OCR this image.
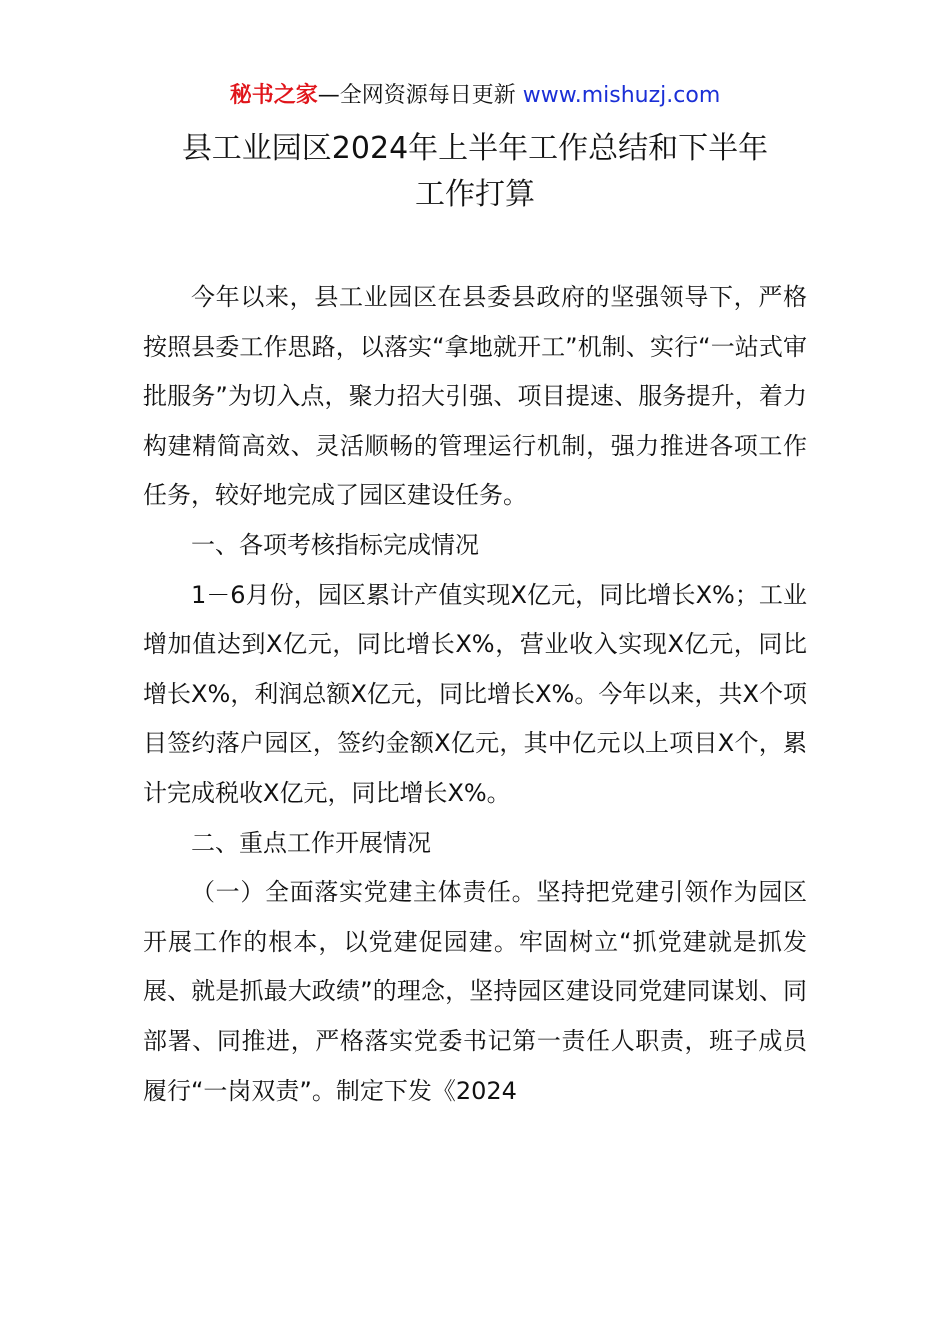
秘书之家—全网资源每日更新 www.mishuzj.com
县工业园区2024年上半年工作总结和下半年
工作打算

今年以来，县工业园区在县委县政府的坚强领导下，严格按照县委工作思路，以落实“拿地就开工”机制、实行“一站式审批服务”为切入点，聚力招大引强、项目提速、服务提升，着力构建精简高效、灵活顺畅的管理运行机制，强力推进各项工作任务，较好地完成了园区建设任务。

一、各项考核指标完成情况

1－6月份，园区累计产值实现X亿元，同比增长X%；工业增加值达到X亿元，同比增长X%，营业收入实现X亿元，同比增长X%，利润总额X亿元，同比增长X%。今年以来，共X个项目签约落户园区，签约金额X亿元，其中亿元以上项目X个，累计完成税收X亿元，同比增长X%。

二、重点工作开展情况

（一）全面落实党建主体责任。坚持把党建引领作为园区开展工作的根本，以党建促园建。牢固树立“抓党建就是抓发展、就是抓最大政绩”的理念，坚持园区建设同党建同谋划、同部署、同推进，严格落实党委书记第一责任人职责，班子成员履行“一岗双责”。制定下发《2024
